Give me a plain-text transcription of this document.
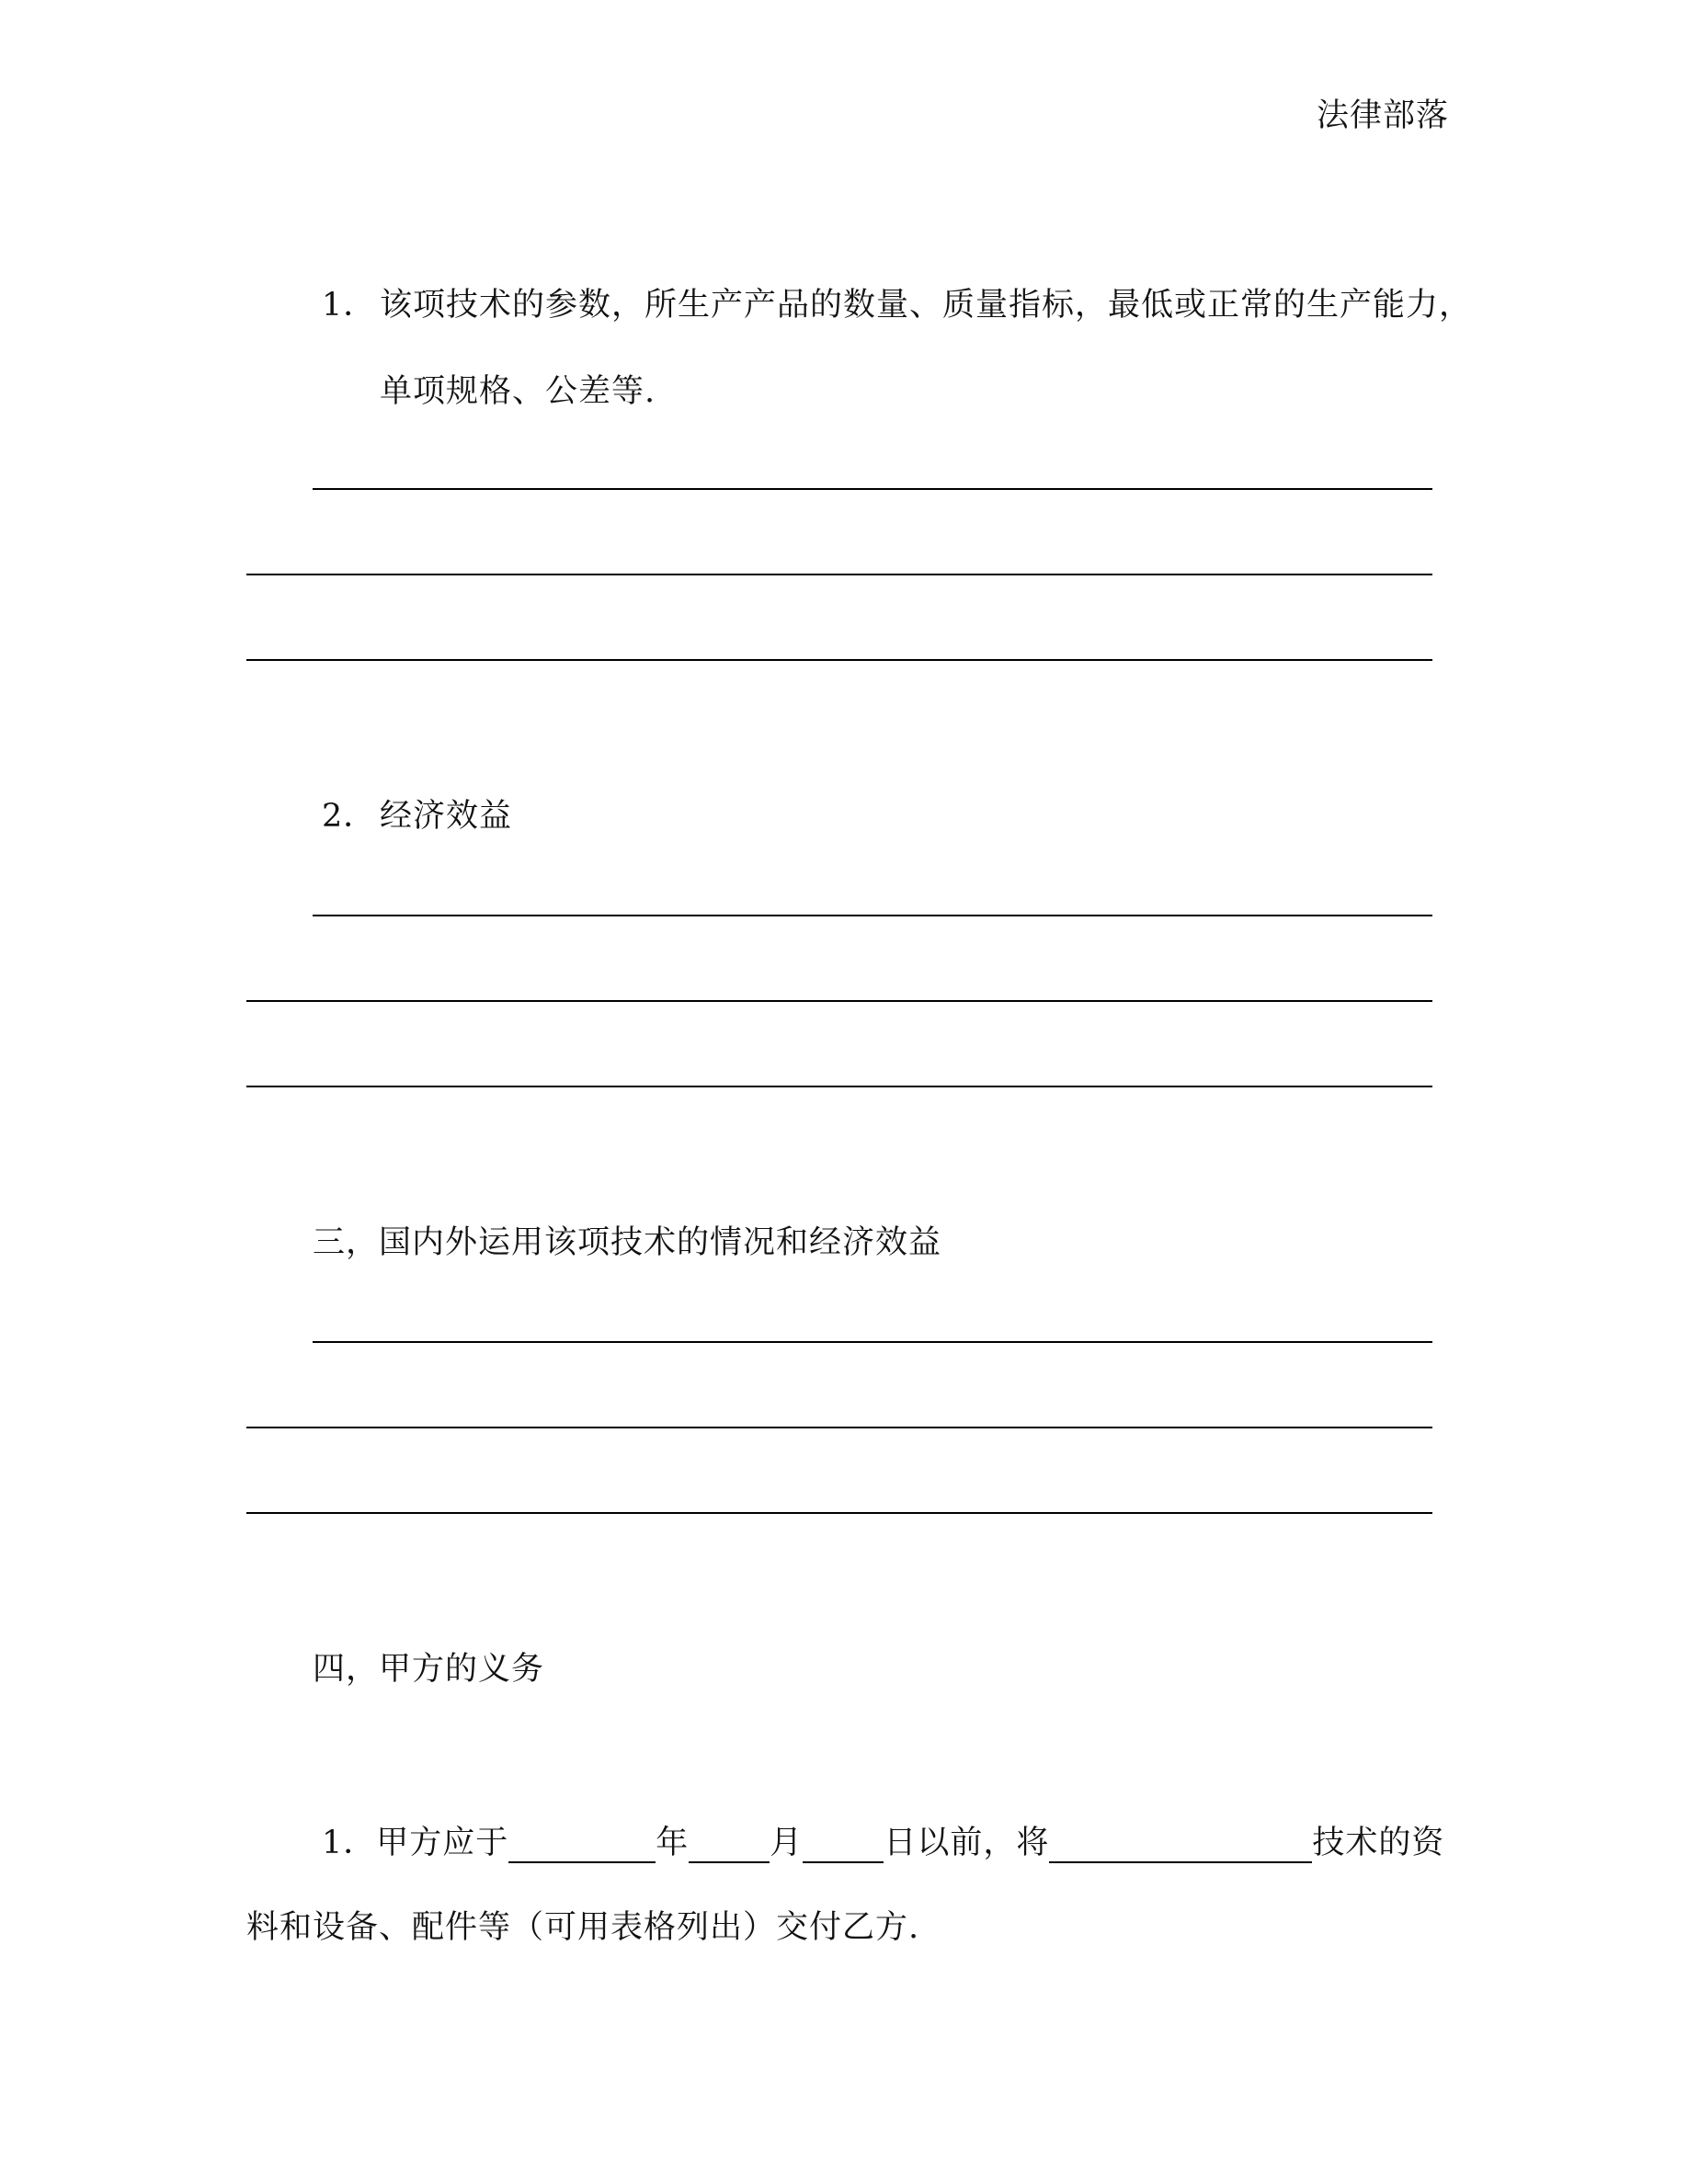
法律部落
1． 该项技术的参数，所生产产品的数量、质量指标，最低或正常的生产能力，
单项规格、公差等.
2． 经济效益
三，国内外运用该项技术的情况和经济效益
四，甲方的义务
1．甲方应于	年	月	日以前，将	技术的资
料和设备、配件等（可用表格列出）交付乙方.
